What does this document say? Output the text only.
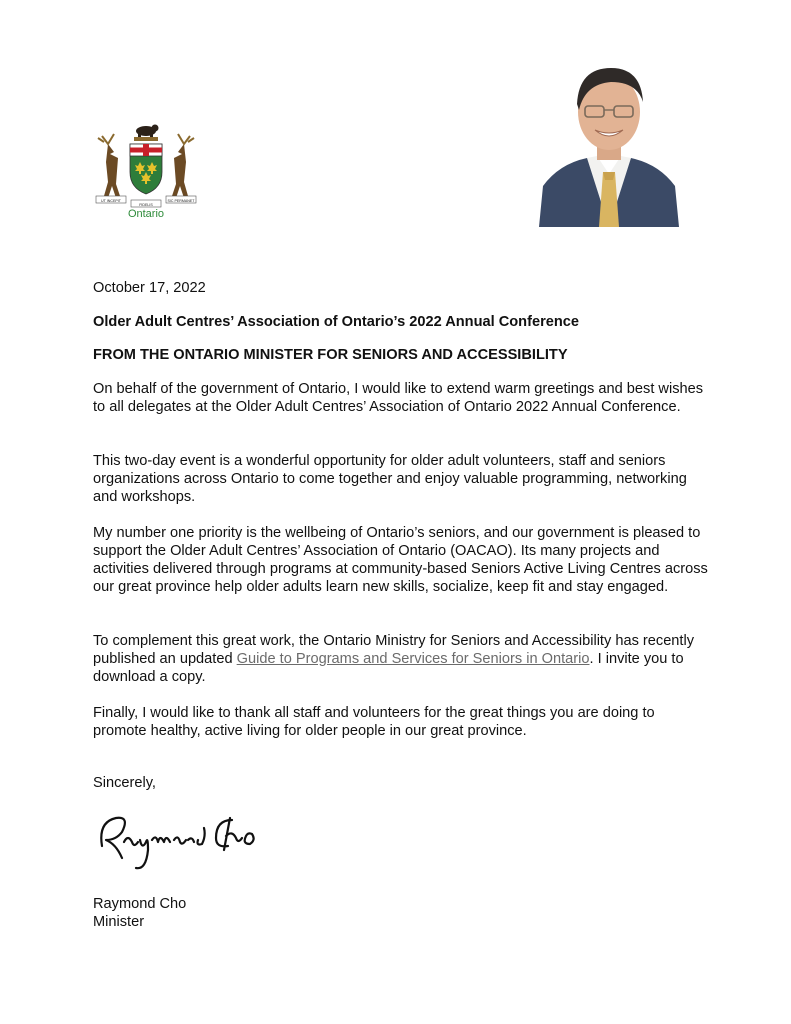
UT INCEPIT
FIDELIS
SIC PERMANET
Ontario
October 17, 2022
Older Adult Centres’ Association of Ontario’s 2022 Annual Conference
FROM THE ONTARIO MINISTER FOR SENIORS AND ACCESSIBILITY

On behalf of the government of Ontario, I would like to extend warm greetings and best wishes to all delegates at the Older Adult Centres’ Association of Ontario 2022 Annual Conference.

This two-day event is a wonderful opportunity for older adult volunteers, staff and seniors organizations across Ontario to come together and enjoy valuable programming, networking and workshops.

My number one priority is the wellbeing of Ontario’s seniors, and our government is pleased to support the Older Adult Centres’ Association of Ontario (OACAO). Its many projects and activities delivered through programs at community-based Seniors Active Living Centres across our great province help older adults learn new skills, socialize, keep fit and stay engaged.

To complement this great work, the Ontario Ministry for Seniors and Accessibility has recently published an updated Guide to Programs and Services for Seniors in Ontario. I invite you to download a copy.

Finally, I would like to thank all staff and volunteers for the great things you are doing to promote healthy, active living for older people in our great province.

Sincerely,
Raymond Cho
Minister
